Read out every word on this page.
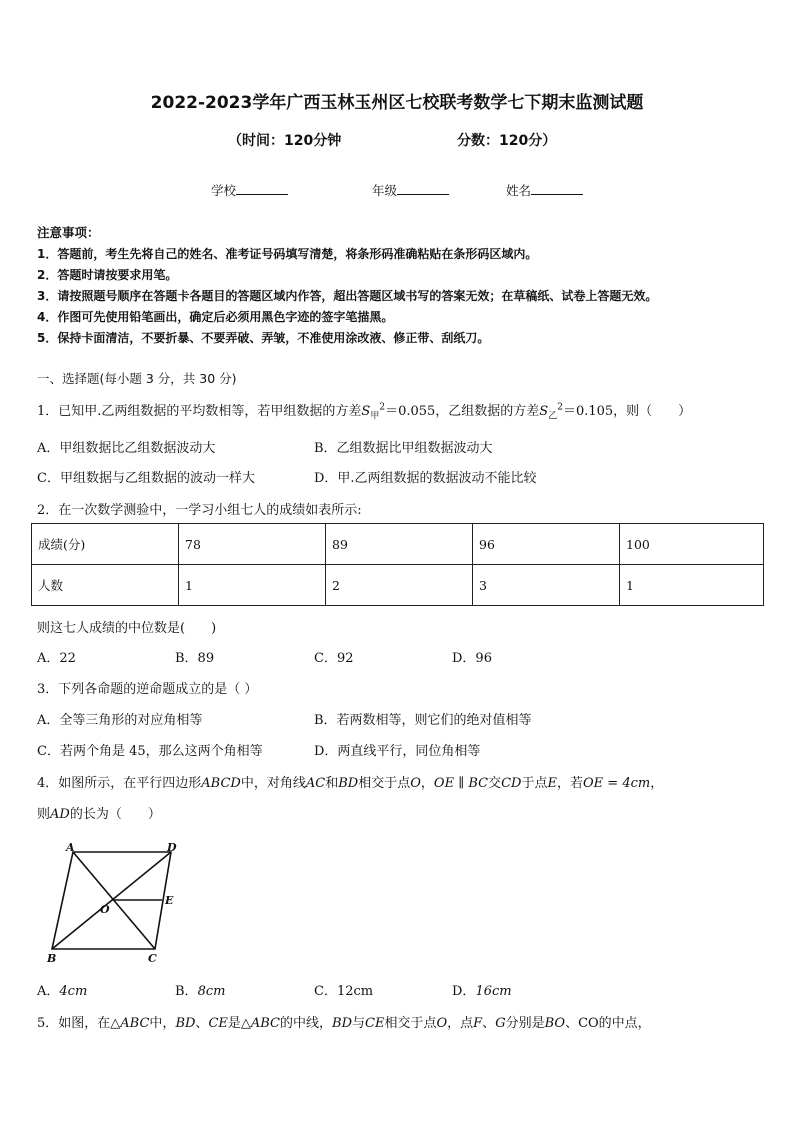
2022-2023学年广西玉林玉州区七校联考数学七下期末监测试题
（时间：120分钟	分数：120分）
学校	年级	姓名
注意事项：
1．答题前，考生先将自己的姓名、准考证号码填写清楚，将条形码准确粘贴在条形码区域内。
2．答题时请按要求用笔。
3．请按照题号顺序在答题卡各题目的答题区域内作答，超出答题区域书写的答案无效；在草稿纸、试卷上答题无效。
4．作图可先使用铅笔画出，确定后必须用黑色字迹的签字笔描黑。
5．保持卡面清洁，不要折暴、不要弄破、弄皱，不准使用涂改液、修正带、刮纸刀。
一、选择题(每小题 3 分，共 30 分)
1．已知甲.乙两组数据的平均数相等，若甲组数据的方差$S_甲^2=0.055$，乙组数据的方差$S_乙^2=0.105$，则（　　）
A．甲组数据比乙组数据波动大	B．乙组数据比甲组数据波动大
C．甲组数据与乙组数据的波动一样大	D．甲.乙两组数据的数据波动不能比较
2．在一次数学测验中，一学习小组七人的成绩如表所示:
成绩(分)	78	89	96	100
人数	1	2	3	1
则这七人成绩的中位数是(　　)
A．22	B．89	C．92	D．96
3．下列各命题的逆命题成立的是（ ）
A．全等三角形的对应角相等	B．若两数相等，则它们的绝对值相等
C．若两个角是 45，那么这两个角相等	D．两直线平行，同位角相等
4．如图所示，在平行四边形ABCD中，对角线AC和BD相交于点O，OE ∥ BC交CD于点E，若OE = 4cm，
则AD的长为（　　）
A	D
B	C
O
E
A．4cm	B．8cm	C．12cm	D．16cm
5．如图，在△ABC中，BD、CE是△ABC的中线，BD与CE相交于点O，点F、G分别是BO、CO的中点，
